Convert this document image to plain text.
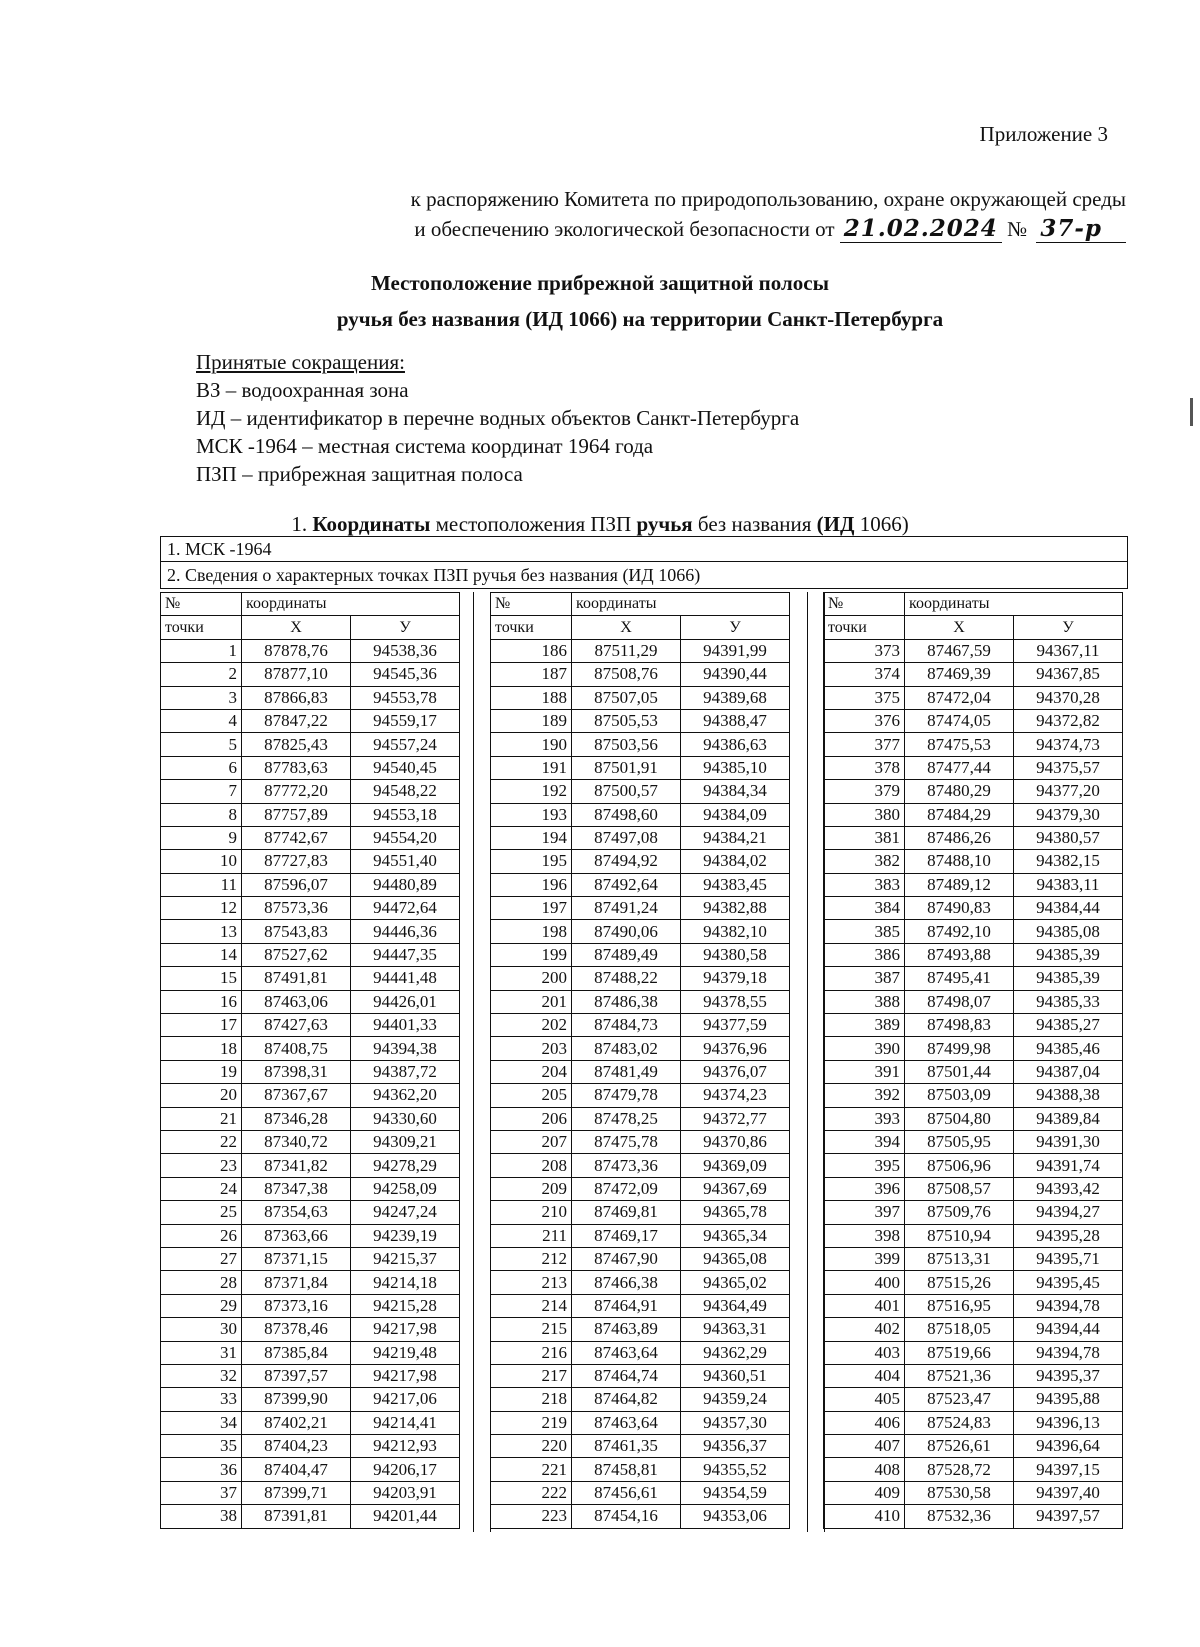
Приложение 3
к распоряжению Комитета по природопользованию, охране окружающей среды
и обеспечению экологической безопасности от 21.02.2024 № 37-р
Местоположение прибрежной защитной полосы
ручья без названия (ИД 1066) на территории Санкт-Петербурга
Принятые сокращения:
ВЗ – водоохранная зона
ИД – идентификатор в перечне водных объектов Санкт-Петербурга
МСК -1964 – местная система координат 1964 года
ПЗП – прибрежная защитная полоса
1. Координаты местоположения ПЗП ручья без названия (ИД 1066)
1. МСК -1964
2. Сведения о характерных точках ПЗП ручья без названия (ИД 1066)
№	координаты	
точки	Х	У
1	87878,76	94538,36
2	87877,10	94545,36
3	87866,83	94553,78
4	87847,22	94559,17
5	87825,43	94557,24
6	87783,63	94540,45
7	87772,20	94548,22
8	87757,89	94553,18
9	87742,67	94554,20
10	87727,83	94551,40
11	87596,07	94480,89
12	87573,36	94472,64
13	87543,83	94446,36
14	87527,62	94447,35
15	87491,81	94441,48
16	87463,06	94426,01
17	87427,63	94401,33
18	87408,75	94394,38
19	87398,31	94387,72
20	87367,67	94362,20
21	87346,28	94330,60
22	87340,72	94309,21
23	87341,82	94278,29
24	87347,38	94258,09
25	87354,63	94247,24
26	87363,66	94239,19
27	87371,15	94215,37
28	87371,84	94214,18
29	87373,16	94215,28
30	87378,46	94217,98
31	87385,84	94219,48
32	87397,57	94217,98
33	87399,90	94217,06
34	87402,21	94214,41
35	87404,23	94212,93
36	87404,47	94206,17
37	87399,71	94203,91
38	87391,81	94201,44
№	координаты	
точки	Х	У
186	87511,29	94391,99
187	87508,76	94390,44
188	87507,05	94389,68
189	87505,53	94388,47
190	87503,56	94386,63
191	87501,91	94385,10
192	87500,57	94384,34
193	87498,60	94384,09
194	87497,08	94384,21
195	87494,92	94384,02
196	87492,64	94383,45
197	87491,24	94382,88
198	87490,06	94382,10
199	87489,49	94380,58
200	87488,22	94379,18
201	87486,38	94378,55
202	87484,73	94377,59
203	87483,02	94376,96
204	87481,49	94376,07
205	87479,78	94374,23
206	87478,25	94372,77
207	87475,78	94370,86
208	87473,36	94369,09
209	87472,09	94367,69
210	87469,81	94365,78
211	87469,17	94365,34
212	87467,90	94365,08
213	87466,38	94365,02
214	87464,91	94364,49
215	87463,89	94363,31
216	87463,64	94362,29
217	87464,74	94360,51
218	87464,82	94359,24
219	87463,64	94357,30
220	87461,35	94356,37
221	87458,81	94355,52
222	87456,61	94354,59
223	87454,16	94353,06
№	координаты	
точки	Х	У
373	87467,59	94367,11
374	87469,39	94367,85
375	87472,04	94370,28
376	87474,05	94372,82
377	87475,53	94374,73
378	87477,44	94375,57
379	87480,29	94377,20
380	87484,29	94379,30
381	87486,26	94380,57
382	87488,10	94382,15
383	87489,12	94383,11
384	87490,83	94384,44
385	87492,10	94385,08
386	87493,88	94385,39
387	87495,41	94385,39
388	87498,07	94385,33
389	87498,83	94385,27
390	87499,98	94385,46
391	87501,44	94387,04
392	87503,09	94388,38
393	87504,80	94389,84
394	87505,95	94391,30
395	87506,96	94391,74
396	87508,57	94393,42
397	87509,76	94394,27
398	87510,94	94395,28
399	87513,31	94395,71
400	87515,26	94395,45
401	87516,95	94394,78
402	87518,05	94394,44
403	87519,66	94394,78
404	87521,36	94395,37
405	87523,47	94395,88
406	87524,83	94396,13
407	87526,61	94396,64
408	87528,72	94397,15
409	87530,58	94397,40
410	87532,36	94397,57
